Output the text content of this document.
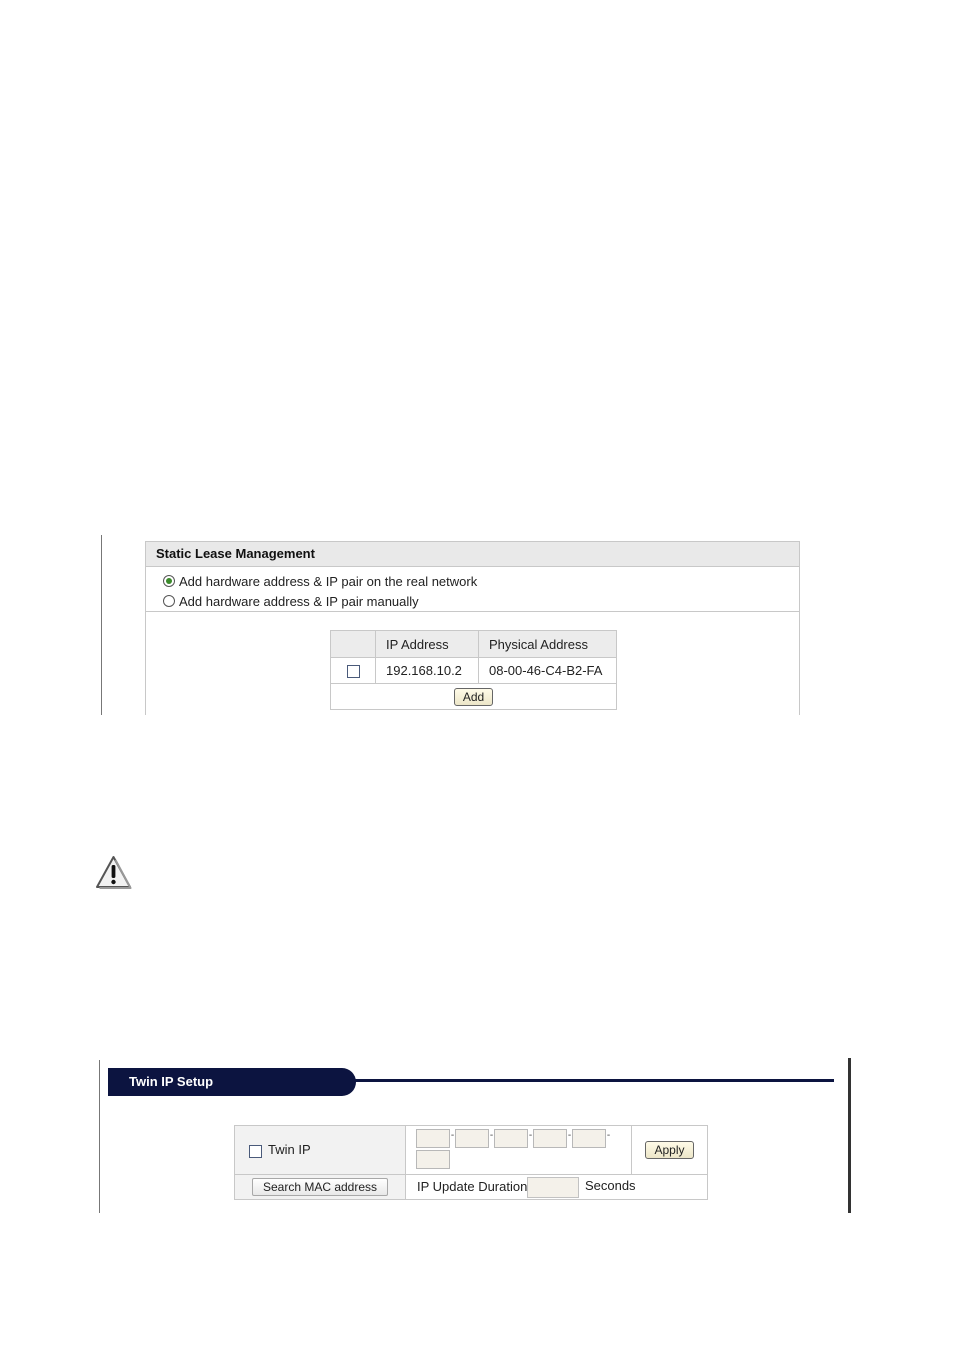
Static Lease Management
Add hardware address & IP pair on the real network
Add hardware address & IP pair manually
	IP Address	Physical Address
	192.168.10.2	08-00-46-C4-B2-FA
Add		
Twin IP Setup
Twin IP	- - - - -	Apply
Search MAC address	IP Update Duration Seconds	
